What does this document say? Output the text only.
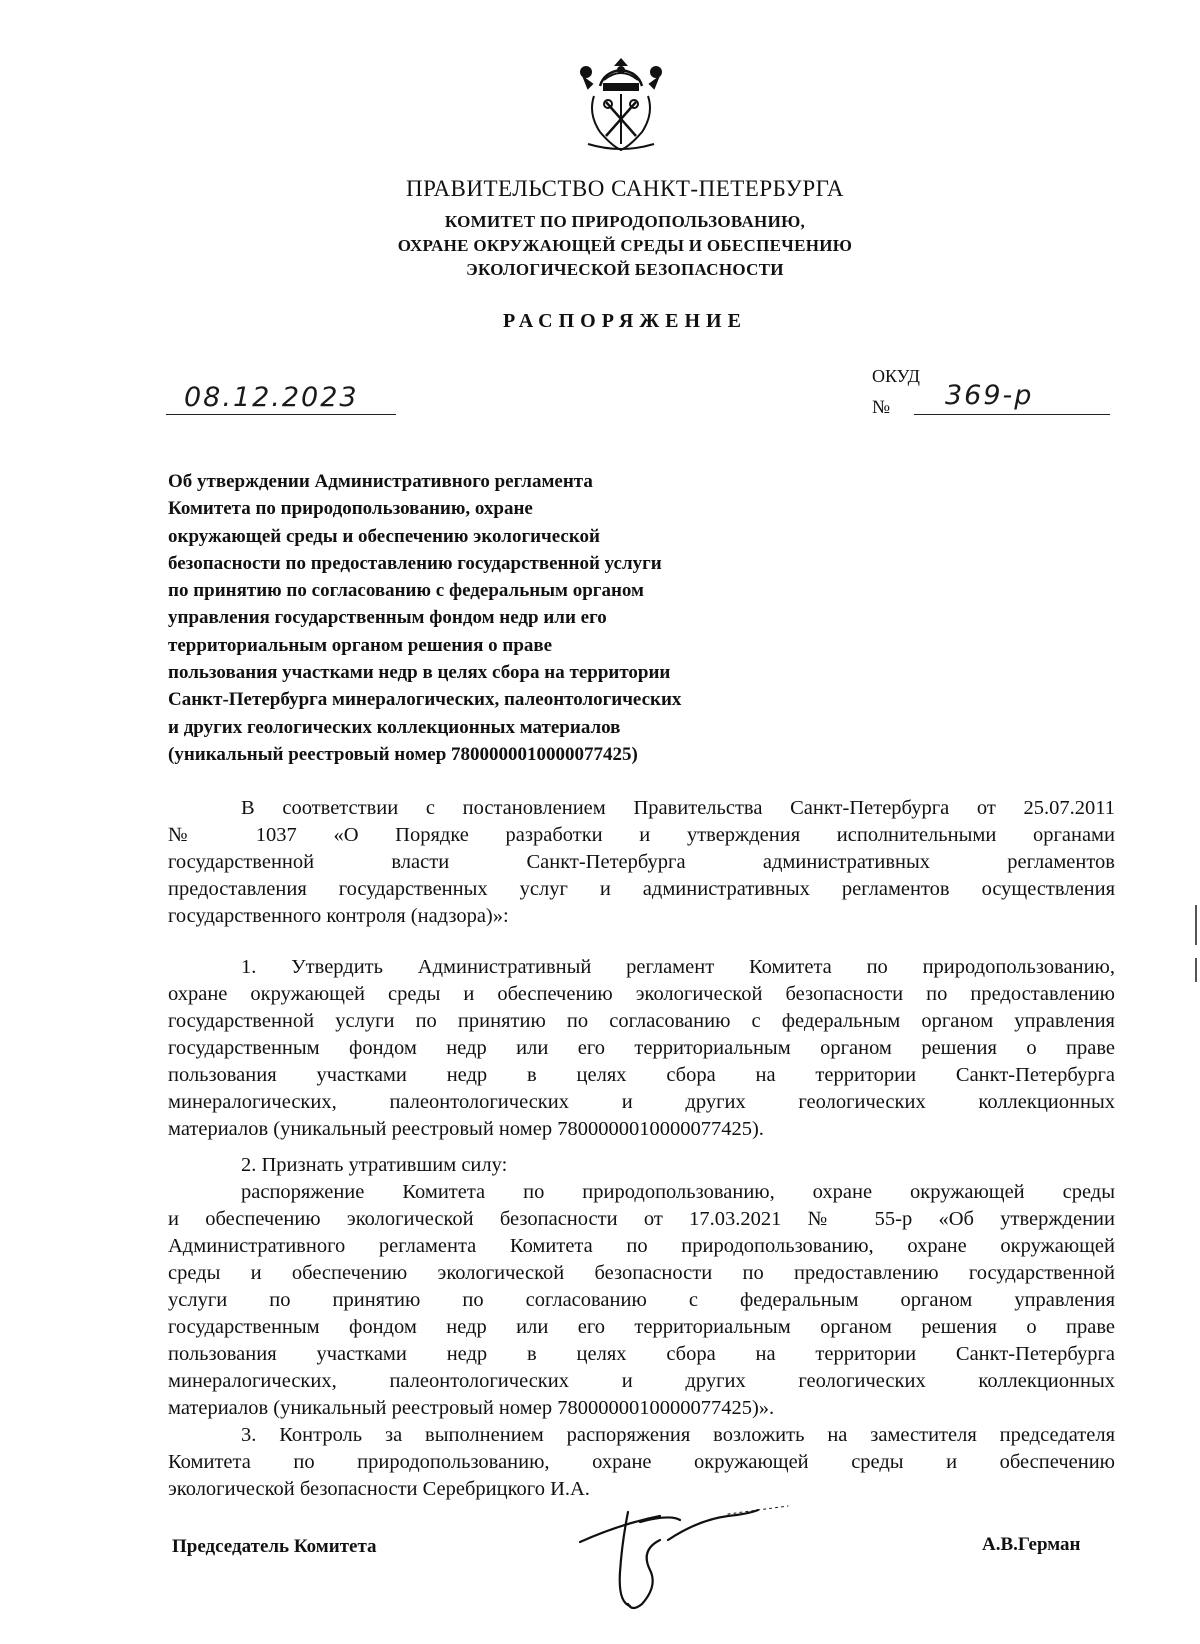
ПРАВИТЕЛЬСТВО САНКТ-ПЕТЕРБУРГА
КОМИТЕТ ПО ПРИРОДОПОЛЬЗОВАНИЮ,
ОХРАНЕ ОКРУЖАЮЩЕЙ СРЕДЫ И ОБЕСПЕЧЕНИЮ
ЭКОЛОГИЧЕСКОЙ БЕЗОПАСНОСТИ
РАСПОРЯЖЕНИЕ
08.12.2023
ОКУД
№ 369-р
Об утверждении Административного регламента
Комитета по природопользованию, охране
окружающей среды и обеспечению экологической
безопасности по предоставлению государственной услуги
по принятию по согласованию с федеральным органом
управления государственным фондом недр или его
территориальным органом решения о праве
пользования участками недр в целях сбора на территории
Санкт-Петербурга минералогических, палеонтологических
и других геологических коллекционных материалов
(уникальный реестровый номер 7800000010000077425)
В соответствии с постановлением Правительства Санкт-Петербурга от 25.07.2011
№ 1037 «О Порядке разработки и утверждения исполнительными органами
государственной власти Санкт-Петербурга административных регламентов
предоставления государственных услуг и административных регламентов осуществления
государственного контроля (надзора)»:
1. Утвердить Административный регламент Комитета по природопользованию,
охране окружающей среды и обеспечению экологической безопасности по предоставлению
государственной услуги по принятию по согласованию с федеральным органом управления
государственным фондом недр или его территориальным органом решения о праве
пользования участками недр в целях сбора на территории Санкт-Петербурга
минералогических, палеонтологических и других геологических коллекционных
материалов (уникальный реестровый номер 7800000010000077425).
2. Признать утратившим силу:
распоряжение Комитета по природопользованию, охране окружающей среды
и обеспечению экологической безопасности от 17.03.2021 № 55-р «Об утверждении
Административного регламента Комитета по природопользованию, охране окружающей
среды и обеспечению экологической безопасности по предоставлению государственной
услуги по принятию по согласованию с федеральным органом управления
государственным фондом недр или его территориальным органом решения о праве
пользования участками недр в целях сбора на территории Санкт-Петербурга
минералогических, палеонтологических и других геологических коллекционных
материалов (уникальный реестровый номер 7800000010000077425)».
3. Контроль за выполнением распоряжения возложить на заместителя председателя
Комитета по природопользованию, охране окружающей среды и обеспечению
экологической безопасности Серебрицкого И.А.
Председатель Комитета	А.В.Герман
